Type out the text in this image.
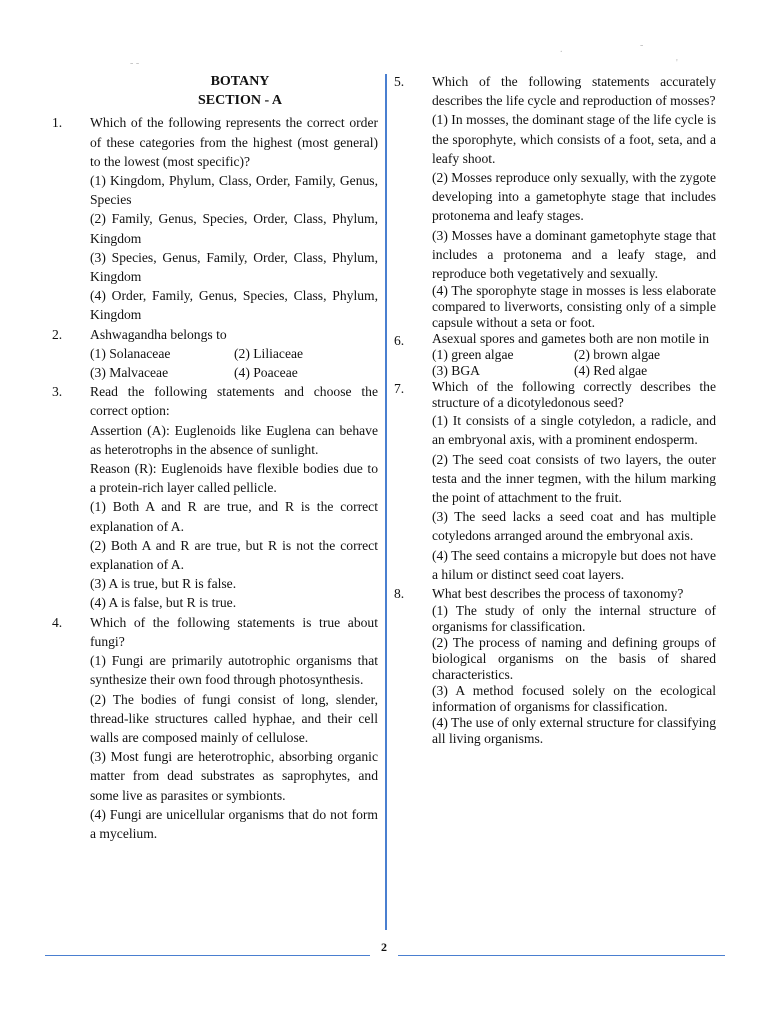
- -
.	-
'
BOTANY
SECTION - A
1.	Which of the following represents the correct order of these categories from the highest (most general) to the lowest (most specific)?

(1) Kingdom, Phylum, Class, Order, Family, Genus, Species

(2) Family, Genus, Species, Order, Class, Phylum, Kingdom

(3) Species, Genus, Family, Order, Class, Phylum, Kingdom

(4) Order, Family, Genus, Species, Class, Phylum, Kingdom

2.	Ashwagandha belongs to

(1) Solanaceae	(2) Liliaceae
(3) Malvaceae	(4) Poaceae
3.	Read the following statements and choose the correct option:

Assertion (A): Euglenoids like Euglena can behave as heterotrophs in the absence of sunlight.

Reason (R): Euglenoids have flexible bodies due to a protein-rich layer called pellicle.

(1) Both A and R are true, and R is the correct explanation of A.

(2) Both A and R are true, but R is not the correct explanation of A.

(3) A is true, but R is false.

(4) A is false, but R is true.

4.	Which of the following statements is true about fungi?

(1) Fungi are primarily autotrophic organisms that synthesize their own food through photosynthesis.

(2) The bodies of fungi consist of long, slender, thread-like structures called hyphae, and their cell walls are composed mainly of cellulose.

(3) Most fungi are heterotrophic, absorbing organic matter from dead substrates as saprophytes, and some live as parasites or symbionts.

(4) Fungi are unicellular organisms that do not form a mycelium.

5.	Which of the following statements accurately describes the life cycle and reproduction of mosses?

(1) In mosses, the dominant stage of the life cycle is the sporophyte, which consists of a foot, seta, and a leafy shoot.

(2) Mosses reproduce only sexually, with the zygote developing into a gametophyte stage that includes protonema and leafy stages.

(3) Mosses have a dominant gametophyte stage that includes a protonema and a leafy stage, and reproduce both vegetatively and sexually.

(4) The sporophyte stage in mosses is less elaborate compared to liverworts, consisting only of a simple capsule without a seta or foot.

6.	Asexual spores and gametes both are non motile in

(1) green algae	(2) brown algae
(3) BGA	(4) Red algae
7.	Which of the following correctly describes the structure of a dicotyledonous seed?

(1) It consists of a single cotyledon, a radicle, and an embryonal axis, with a prominent endosperm.

(2) The seed coat consists of two layers, the outer testa and the inner tegmen, with the hilum marking the point of attachment to the fruit.

(3) The seed lacks a seed coat and has multiple cotyledons arranged around the embryonal axis.

(4) The seed contains a micropyle but does not have a hilum or distinct seed coat layers.

8.	What best describes the process of taxonomy?

(1) The study of only the internal structure of organisms for classification.

(2) The process of naming and defining groups of biological organisms on the basis of shared characteristics.

(3) A method focused solely on the ecological information of organisms for classification.

(4) The use of only external structure for classifying all living organisms.

2
